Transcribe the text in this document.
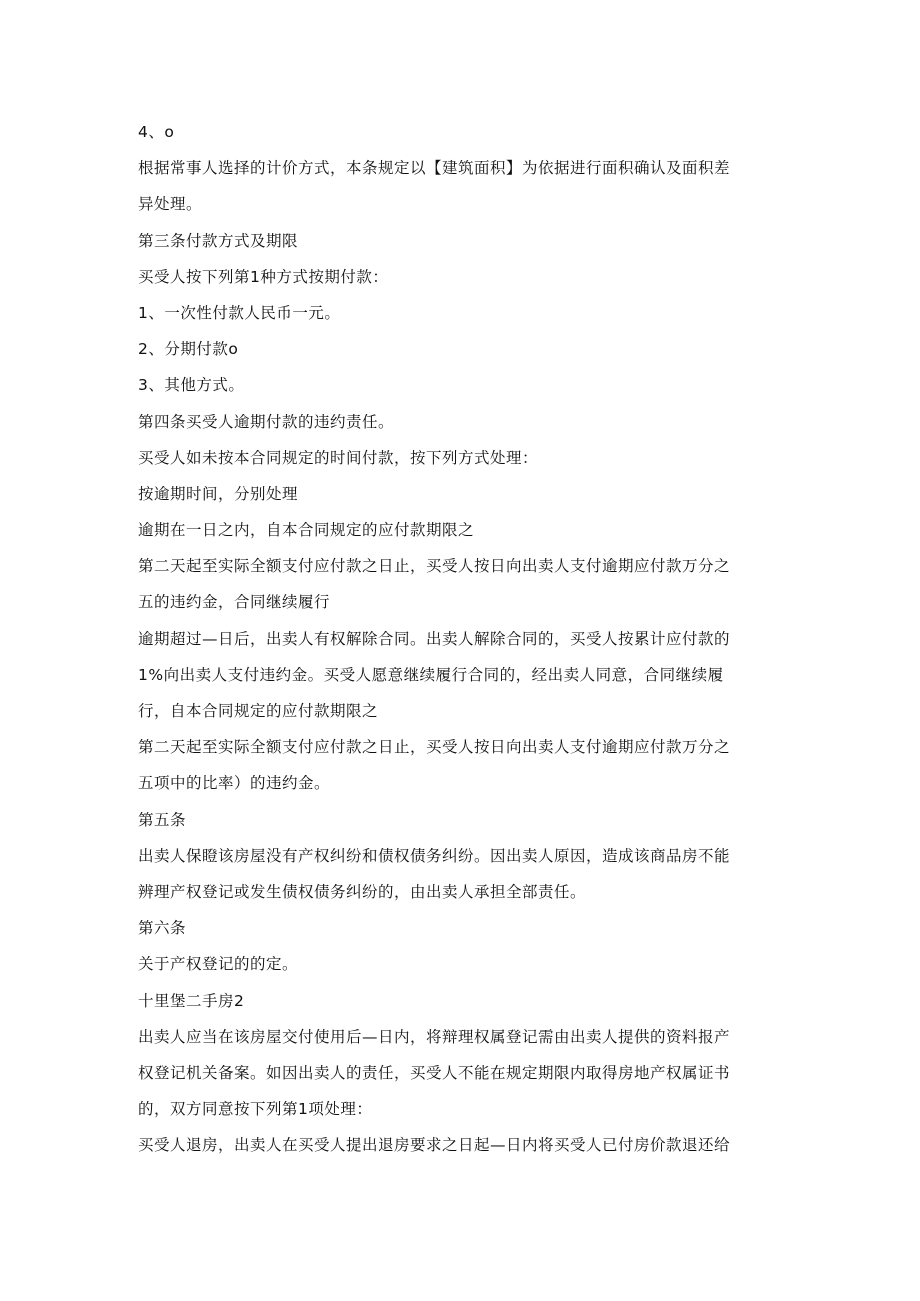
4、o
根据常事人选择的计价方式，本条规定以【建筑面积】为依据进行面积确认及面积差
异处理。
第三条付款方式及期限
买受人按下列第1种方式按期付款：
1、一次性付款人民币一元。
2、分期付款o
3、其他方式。
第四条买受人逾期付款的违约责任。
买受人如未按本合同规定的时间付款，按下列方式处理：
按逾期时间，分别处理
逾期在一日之内，自本合同规定的应付款期限之
第二天起至实际全额支付应付款之日止，买受人按日向出卖人支付逾期应付款万分之
五的违约金，合同继续履行
逾期超过—日后，出卖人有权解除合同。出卖人解除合同的，买受人按累计应付款的
1%向出卖人支付违约金。买受人愿意继续履行合同的，经出卖人同意，合同继续履
行，自本合同规定的应付款期限之
第二天起至实际全额支付应付款之日止，买受人按日向出卖人支付逾期应付款万分之
五项中的比率）的违约金。
第五条
出卖人保瞪该房屋没有产权纠纷和债权债务纠纷。因出卖人原因，造成该商品房不能
辨理产权登记或发生债权债务纠纷的，由出卖人承担全部责任。
第六条
关于产权登记的的定。
十里堡二手房2
出卖人应当在该房屋交付使用后—日内，将辩理权属登记需由出卖人提供的资料报产
权登记机关备案。如因出卖人的责任，买受人不能在规定期限内取得房地产权属证书
的，双方同意按下列第1项处理：
买受人退房，出卖人在买受人提出退房要求之日起—日内将买受人已付房价款退还给
